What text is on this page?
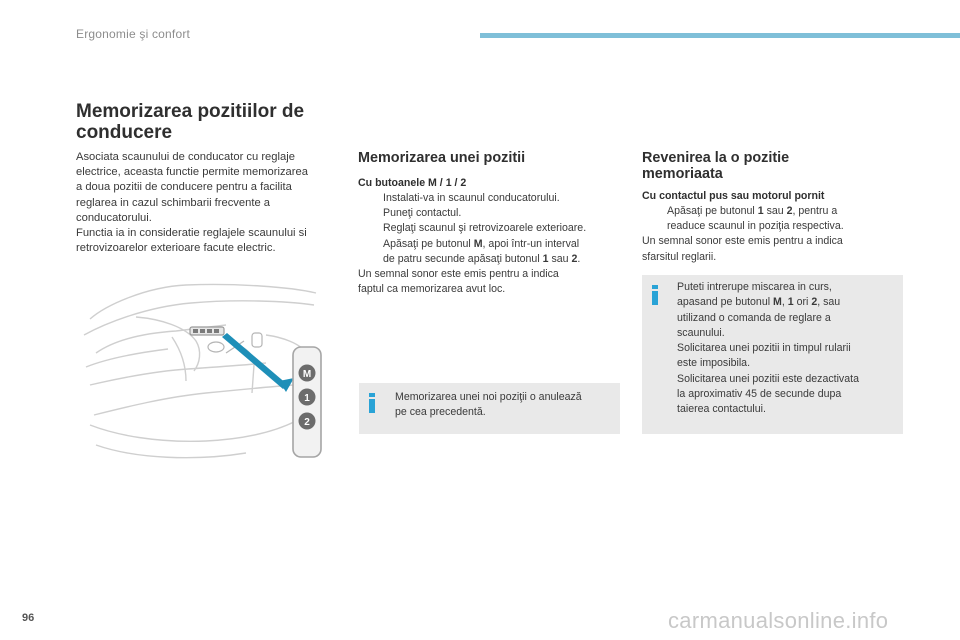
Ergonomie şi confort
Memorizarea pozitiilor de
conducere
Asociata scaunului de conducator cu reglaje
electrice, aceasta functie permite memorizarea
a doua pozitii de conducere pentru a facilita
reglarea in cazul schimbarii frecvente a
conducatorului.
Functia ia in consideratie reglajele scaunului si
retrovizoarelor exterioare facute electric.
M
1
2
Memorizarea unei pozitii
Cu butoanele M / 1 / 2
Instalati-va in scaunul conducatorului.
Puneţi contactul.
Reglaţi scaunul şi retrovizoarele exterioare.
Apăsaţi pe butonul M, apoi într-un interval
de patru secunde apăsaţi butonul 1 sau 2.
Un semnal sonor este emis pentru a indica
faptul ca memorizarea avut loc.
Memorizarea unei noi poziţii o anulează
pe cea precedentă.
Revenirea la o pozitie
memoriaata
Cu contactul pus sau motorul pornit
Apăsaţi pe butonul 1 sau 2, pentru a
readuce scaunul in poziţia respectiva.
Un semnal sonor este emis pentru a indica
sfarsitul reglarii.
Puteti intrerupe miscarea in curs,
apasand pe butonul M, 1 ori 2, sau
utilizand o comanda de reglare a
scaunului.
Solicitarea unei pozitii in timpul rularii
este imposibila.
Solicitarea unei pozitii este dezactivata
la aproximativ 45 de secunde dupa
taierea contactului.
96	carmanualsonline.info
